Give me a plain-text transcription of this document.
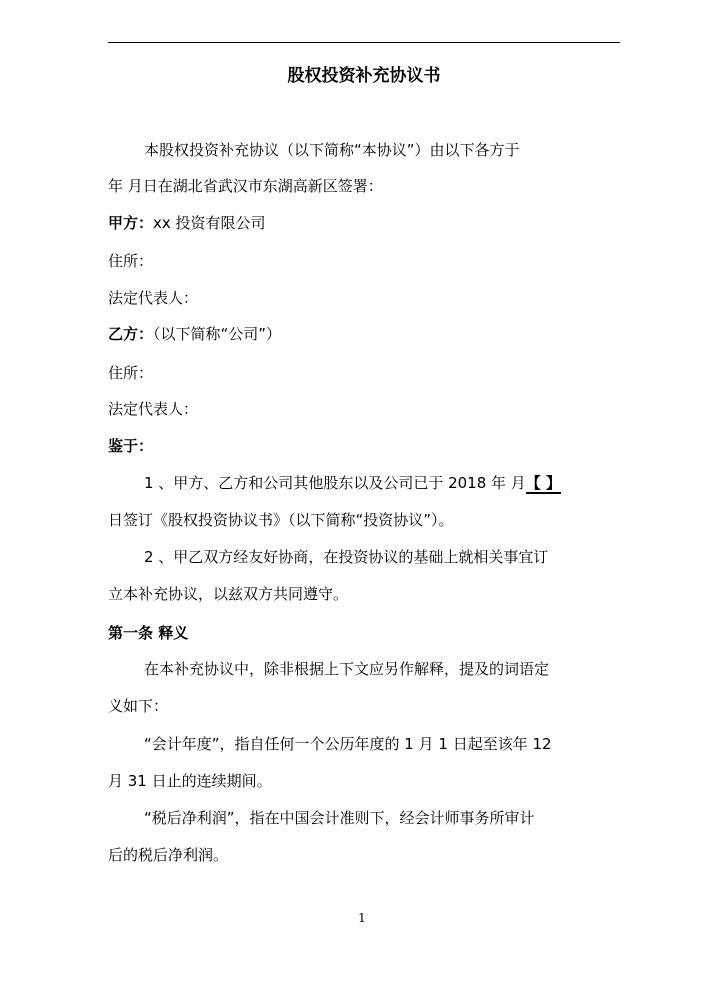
股权投资补充协议书
本股权投资补充协议（以下简称“本协议”）由以下各方于
年 月日在湖北省武汉市东湖高新区签署：
甲方：xx 投资有限公司
住所：
法定代表人：
乙方：（以下简称“公司”）
住所：
法定代表人：
鉴于：
1 、甲方、乙方和公司其他股东以及公司已于 2018 年 月【 】
日签订《股权投资协议书》（以下简称“投资协议”）。
2 、甲乙双方经友好协商，在投资协议的基础上就相关事宜订
立本补充协议，以兹双方共同遵守。
第一条 释义
在本补充协议中，除非根据上下文应另作解释，提及的词语定
义如下：
“会计年度”，指自任何一个公历年度的 1 月 1 日起至该年 12
月 31 日止的连续期间。
“税后净利润”，指在中国会计准则下，经会计师事务所审计
后的税后净利润。
1
